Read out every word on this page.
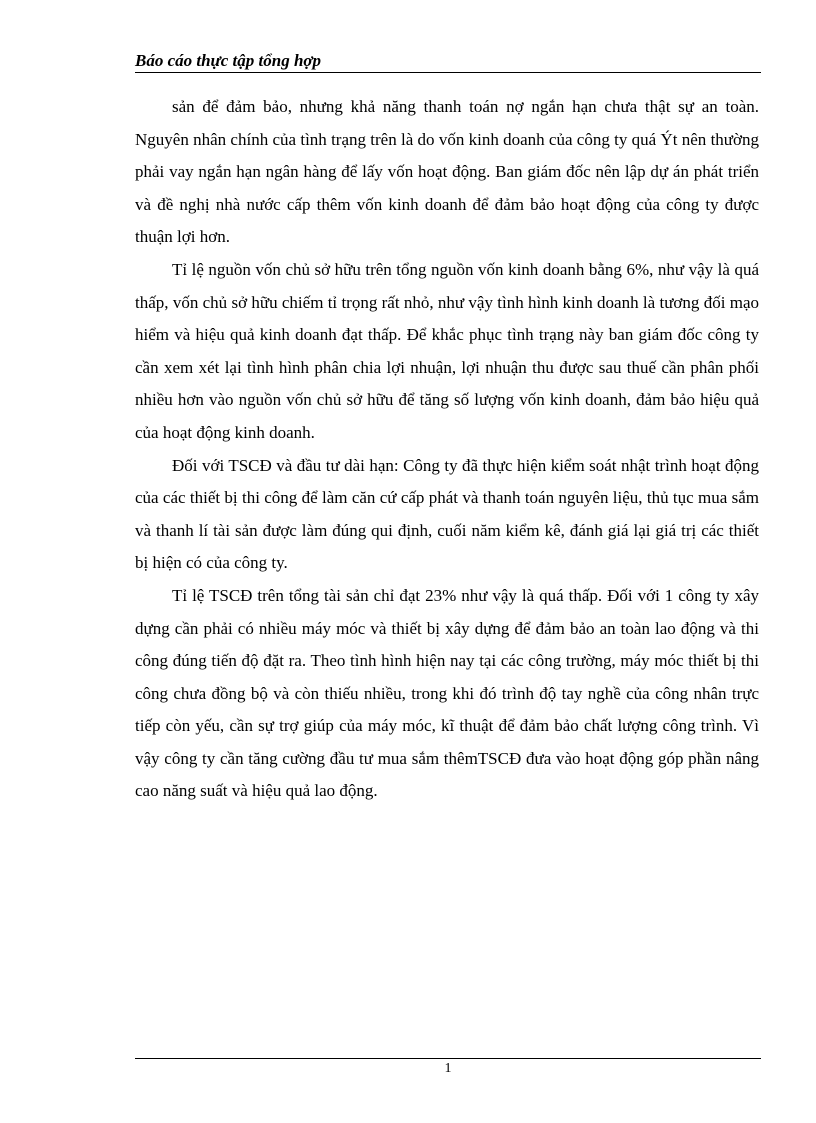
Báo cáo thực tập tổng hợp

sản để đảm bảo, nhưng khả năng thanh toán nợ ngắn hạn chưa thật sự an toàn. Nguyên nhân chính của tình trạng trên là do vốn kinh doanh của công ty quá Ýt nên thường phải vay ngắn hạn ngân hàng để lấy vốn hoạt động. Ban giám đốc nên lập dự án phát triển và đề nghị nhà nước cấp thêm vốn kinh doanh để đảm bảo hoạt động của công ty được thuận lợi hơn.

Tỉ lệ nguồn vốn chủ sở hữu trên tổng nguồn vốn kinh doanh bằng 6%, như vậy là quá thấp, vốn chủ sở hữu chiếm tỉ trọng rất nhỏ, như vậy tình hình kinh doanh là tương đối mạo hiểm và hiệu quả kinh doanh đạt thấp. Để khắc phục tình trạng này ban giám đốc công ty cần xem xét lại tình hình phân chia lợi nhuận, lợi nhuận thu được sau thuế cần phân phối nhiều hơn vào nguồn vốn chủ sở hữu để tăng số lượng vốn kinh doanh, đảm bảo hiệu quả của hoạt động kinh doanh.

Đối với TSCĐ và đầu tư dài hạn: Công ty đã thực hiện kiểm soát nhật trình hoạt động của các thiết bị thi công để làm căn cứ cấp phát và thanh toán nguyên liệu, thủ tục mua sắm và thanh lí tài sản được làm đúng qui định, cuối năm kiểm kê, đánh giá lại giá trị các thiết bị hiện có của công ty.

Tỉ lệ TSCĐ trên tổng tài sản chỉ đạt 23% như vậy là quá thấp. Đối với 1 công ty xây dựng cần phải có nhiều máy móc và thiết bị xây dựng để đảm bảo an toàn lao động và thi công đúng tiến độ đặt ra. Theo tình hình hiện nay tại các công trường, máy móc thiết bị thi công chưa đồng bộ và còn thiếu nhiều, trong khi đó trình độ tay nghề của công nhân trực tiếp còn yếu, cần sự trợ giúp của máy móc, kĩ thuật để đảm bảo chất lượng công trình. Vì vậy công ty cần tăng cường đầu tư mua sắm thêmTSCĐ đưa vào hoạt động góp phần nâng cao năng suất và hiệu quả lao động.

1
